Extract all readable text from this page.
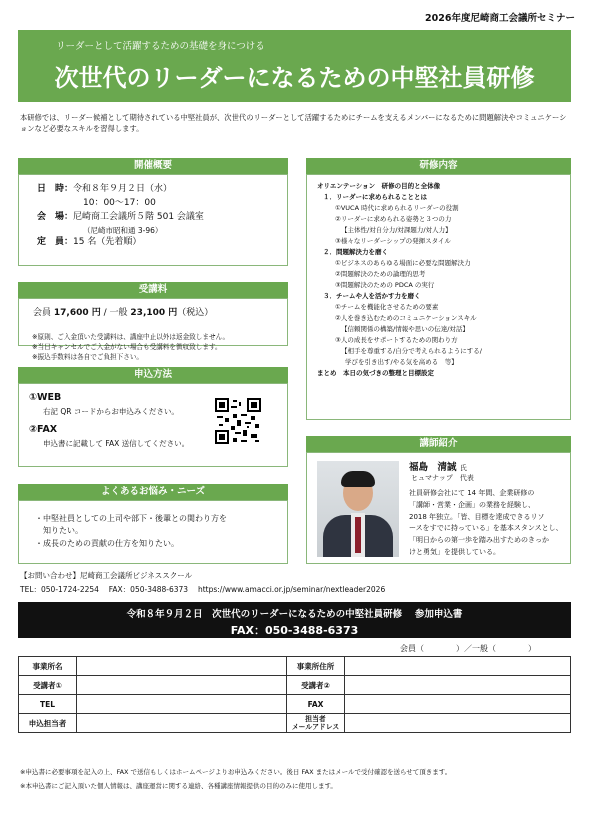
2026年度尼崎商工会議所セミナー
リーダーとして活躍するための基礎を身につける
次世代のリーダーになるための中堅社員研修
本研修では、リーダー候補として期待されている中堅社員が、次世代のリーダーとして活躍するためにチームを支えるメンバーになるために問題解決やコミュニケーションなど必要なスキルを習得します。
開催概要
日　時： 令和８年９月２日（水）
10：00～17：00
会　場： 尼崎商工会議所５階 501 会議室
（尼崎市昭和通 3-96）
定　員： 15 名（先着順）
受講料
会員 17,600 円 / 一般 23,100 円（税込）
※原則、ご入金頂いた受講料は、講座中止以外は返金致しません。
※当日キャンセルでご入金がない場合も受講料を徴収致します。
※振込手数料は各自でご負担下さい。
申込方法
①WEB
右記 QR コードからお申込みください。
②FAX
申込書に記載して FAX 送信してください。
よくあるお悩み・ニーズ
・中堅社員としての上司や部下・後輩との関わり方を
　知りたい。
・成長のための貢献の仕方を知りたい。
研修内容
オリエンテーション　研修の目的と全体像
１．リーダーに求められることとは
①VUCA 時代に求められるリーダーの役割
②リーダーに求められる姿勢と３つの力
【主体性/対自分力/対課題力/対人力】
③様々なリーダーシップの発揮スタイル
２．問題解決力を磨く
①ビジネスのあらゆる場面に必要な問題解決力
②問題解決のための論理的思考
③問題解決のための PDCA の実行
３．チームや人を活かす力を磨く
①チームを機能化させるための要素
②人を巻き込むためのコミュニケーションスキル
【信頼関係の構築/情報や思いの伝達/対話】
③人の成長をサポートするための関わり方
【相手を尊重する/自分で考えられるようにする/
学びを引き出す/やる気を高める　等】
まとめ　本日の気づきの整理と目標設定
講師紹介
福島　清誠 氏
ヒュマナップ　代表
社員研修会社にて 14 年間、企業研修の
「講師・営業・企画」の業務を経験し、
2018 年独立。「皆、目標を達成できるリソ
ースをすでに持っている」を基本スタンスとし、
「明日からの第一歩を踏み出すためのきっか
けと勇気」を提供している。
【お問い合わせ】尼崎商工会議所ビジネススクール
TEL：050-1724-2254　 FAX：050-3488-6373　 https://www.amacci.or.jp/seminar/nextleader2026
令和８年９月２日　次世代のリーダーになるための中堅社員研修　 参加申込書
FAX：050-3488-6373
会員（　　　　）／一般（　　　　）
事業所名		事業所住所	
受講者①		受講者②	
TEL		FAX	
申込担当者		担当者
メールアドレス	
※申込書に必要事項を記入の上、FAX で送信もしくはホームページよりお申込みください。後日 FAX またはメールで受付確認を送らせて頂きます。
※本申込書にご記入頂いた個人情報は、講座運営に関する連絡、各種講座情報提供の目的のみに使用します。
